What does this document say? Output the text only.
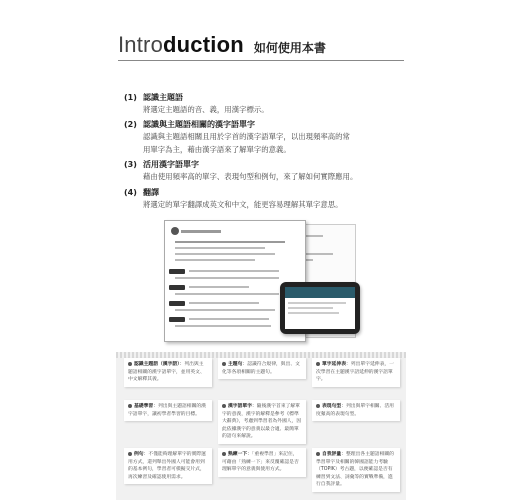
Intro duction 如何使用本書
(1) 認識主題語
將選定主題語的音、義，用漢字標示。
(2) 認識與主題語相關的漢字語單字
認識與主題語相關且用於字首的漢字語單字，以出現頻率高的常
用單字為主，藉由漢字語來了解單字的意義。
(3) 活用漢字語單字
藉由使用頻率高的單字、表現句型和例句，來了解如何實際應用。
(4) 翻譯
將選定的單字翻譯成英文和中文，能更容易理解其單字意思。
認識主題語（漢字語）：列出與主題語相關的漢字語單字，並用英文、中文解釋其義。
主題句：認識符合規律，與出、文化等各項相關的主題句。
單字延伸表：列出單字延伸表，一次學習在主題漢字語延伸的漢字語單字。
基礎學習：列出與主題語相關的漢字語單字，讓初學者學習的目標。
漢字語單字：隨後漢字首來了解單字的意義，漢字的解釋是參考《標準大辭典》，考慮到學習者為外國人，因此依據漢字的意義以最合適、最簡單的語句來解說。
表現句型：列出與單字相關、活用度頻高的表現句型。
例句：不僅能夠理解單字的實際運用方式，還列舉出外國人可能會用到的基本例句，學習者可模擬交片式，再次練習及確認使用需求。
熟練一下：「重複學習」來記住，可藉由「熟練一下」來反覆確認是否理解單字的意義與使用方式。
自我評量：整理出各主題語相關的學習單字及相關的韓國語能力考驗（TOPIK）考古題，以便確認是否有練習到文法、詞彙等的實戰準備，進行自我評量。
